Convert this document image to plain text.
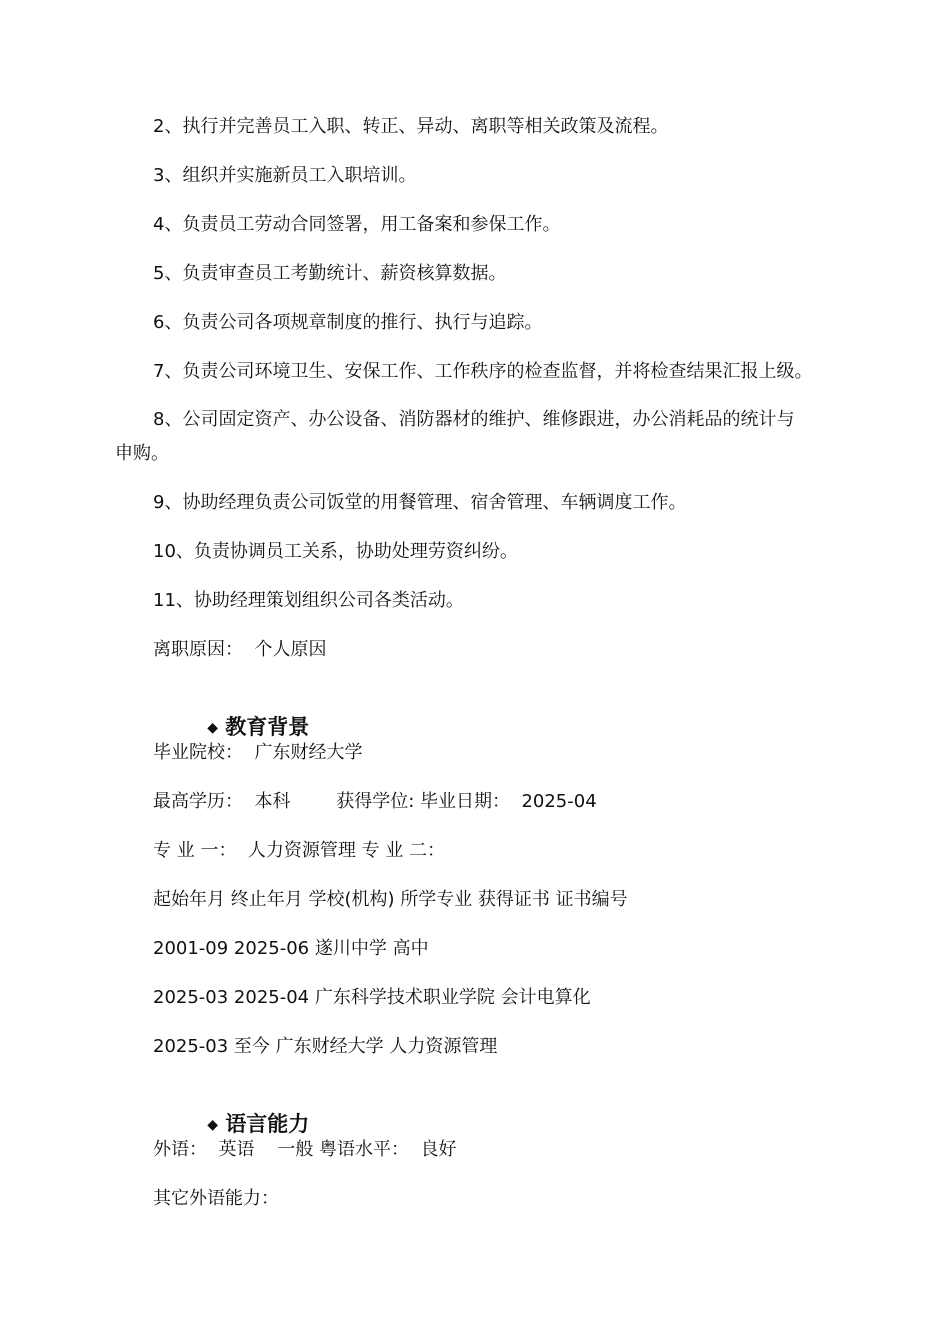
2、执行并完善员工入职、转正、异动、离职等相关政策及流程。
3、组织并实施新员工入职培训。
4、负责员工劳动合同签署，用工备案和参保工作。
5、负责审查员工考勤统计、薪资核算数据。
6、负责公司各项规章制度的推行、执行与追踪。
7、负责公司环境卫生、安保工作、工作秩序的检查监督，并将检查结果汇报上级。
8、公司固定资产、办公设备、消防器材的维护、维修跟进，办公消耗品的统计与
申购。
9、协助经理负责公司饭堂的用餐管理、宿舍管理、车辆调度工作。
10、负责协调员工关系，协助处理劳资纠纷。
11、协助经理策划组织公司各类活动。
离职原因：  个人原因

◆ 教育背景

毕业院校：  广东财经大学
最高学历：  本科        获得学位: 毕业日期：  2025-04
专 业 一：  人力资源管理 专 业 二：
起始年月 终止年月 学校(机构) 所学专业 获得证书 证书编号
2001-09 2025-06 遂川中学 高中
2025-03 2025-04 广东科学技术职业学院 会计电算化
2025-03 至今 广东财经大学 人力资源管理

◆ 语言能力

外语：  英语    一般 粤语水平：  良好
其它外语能力：
